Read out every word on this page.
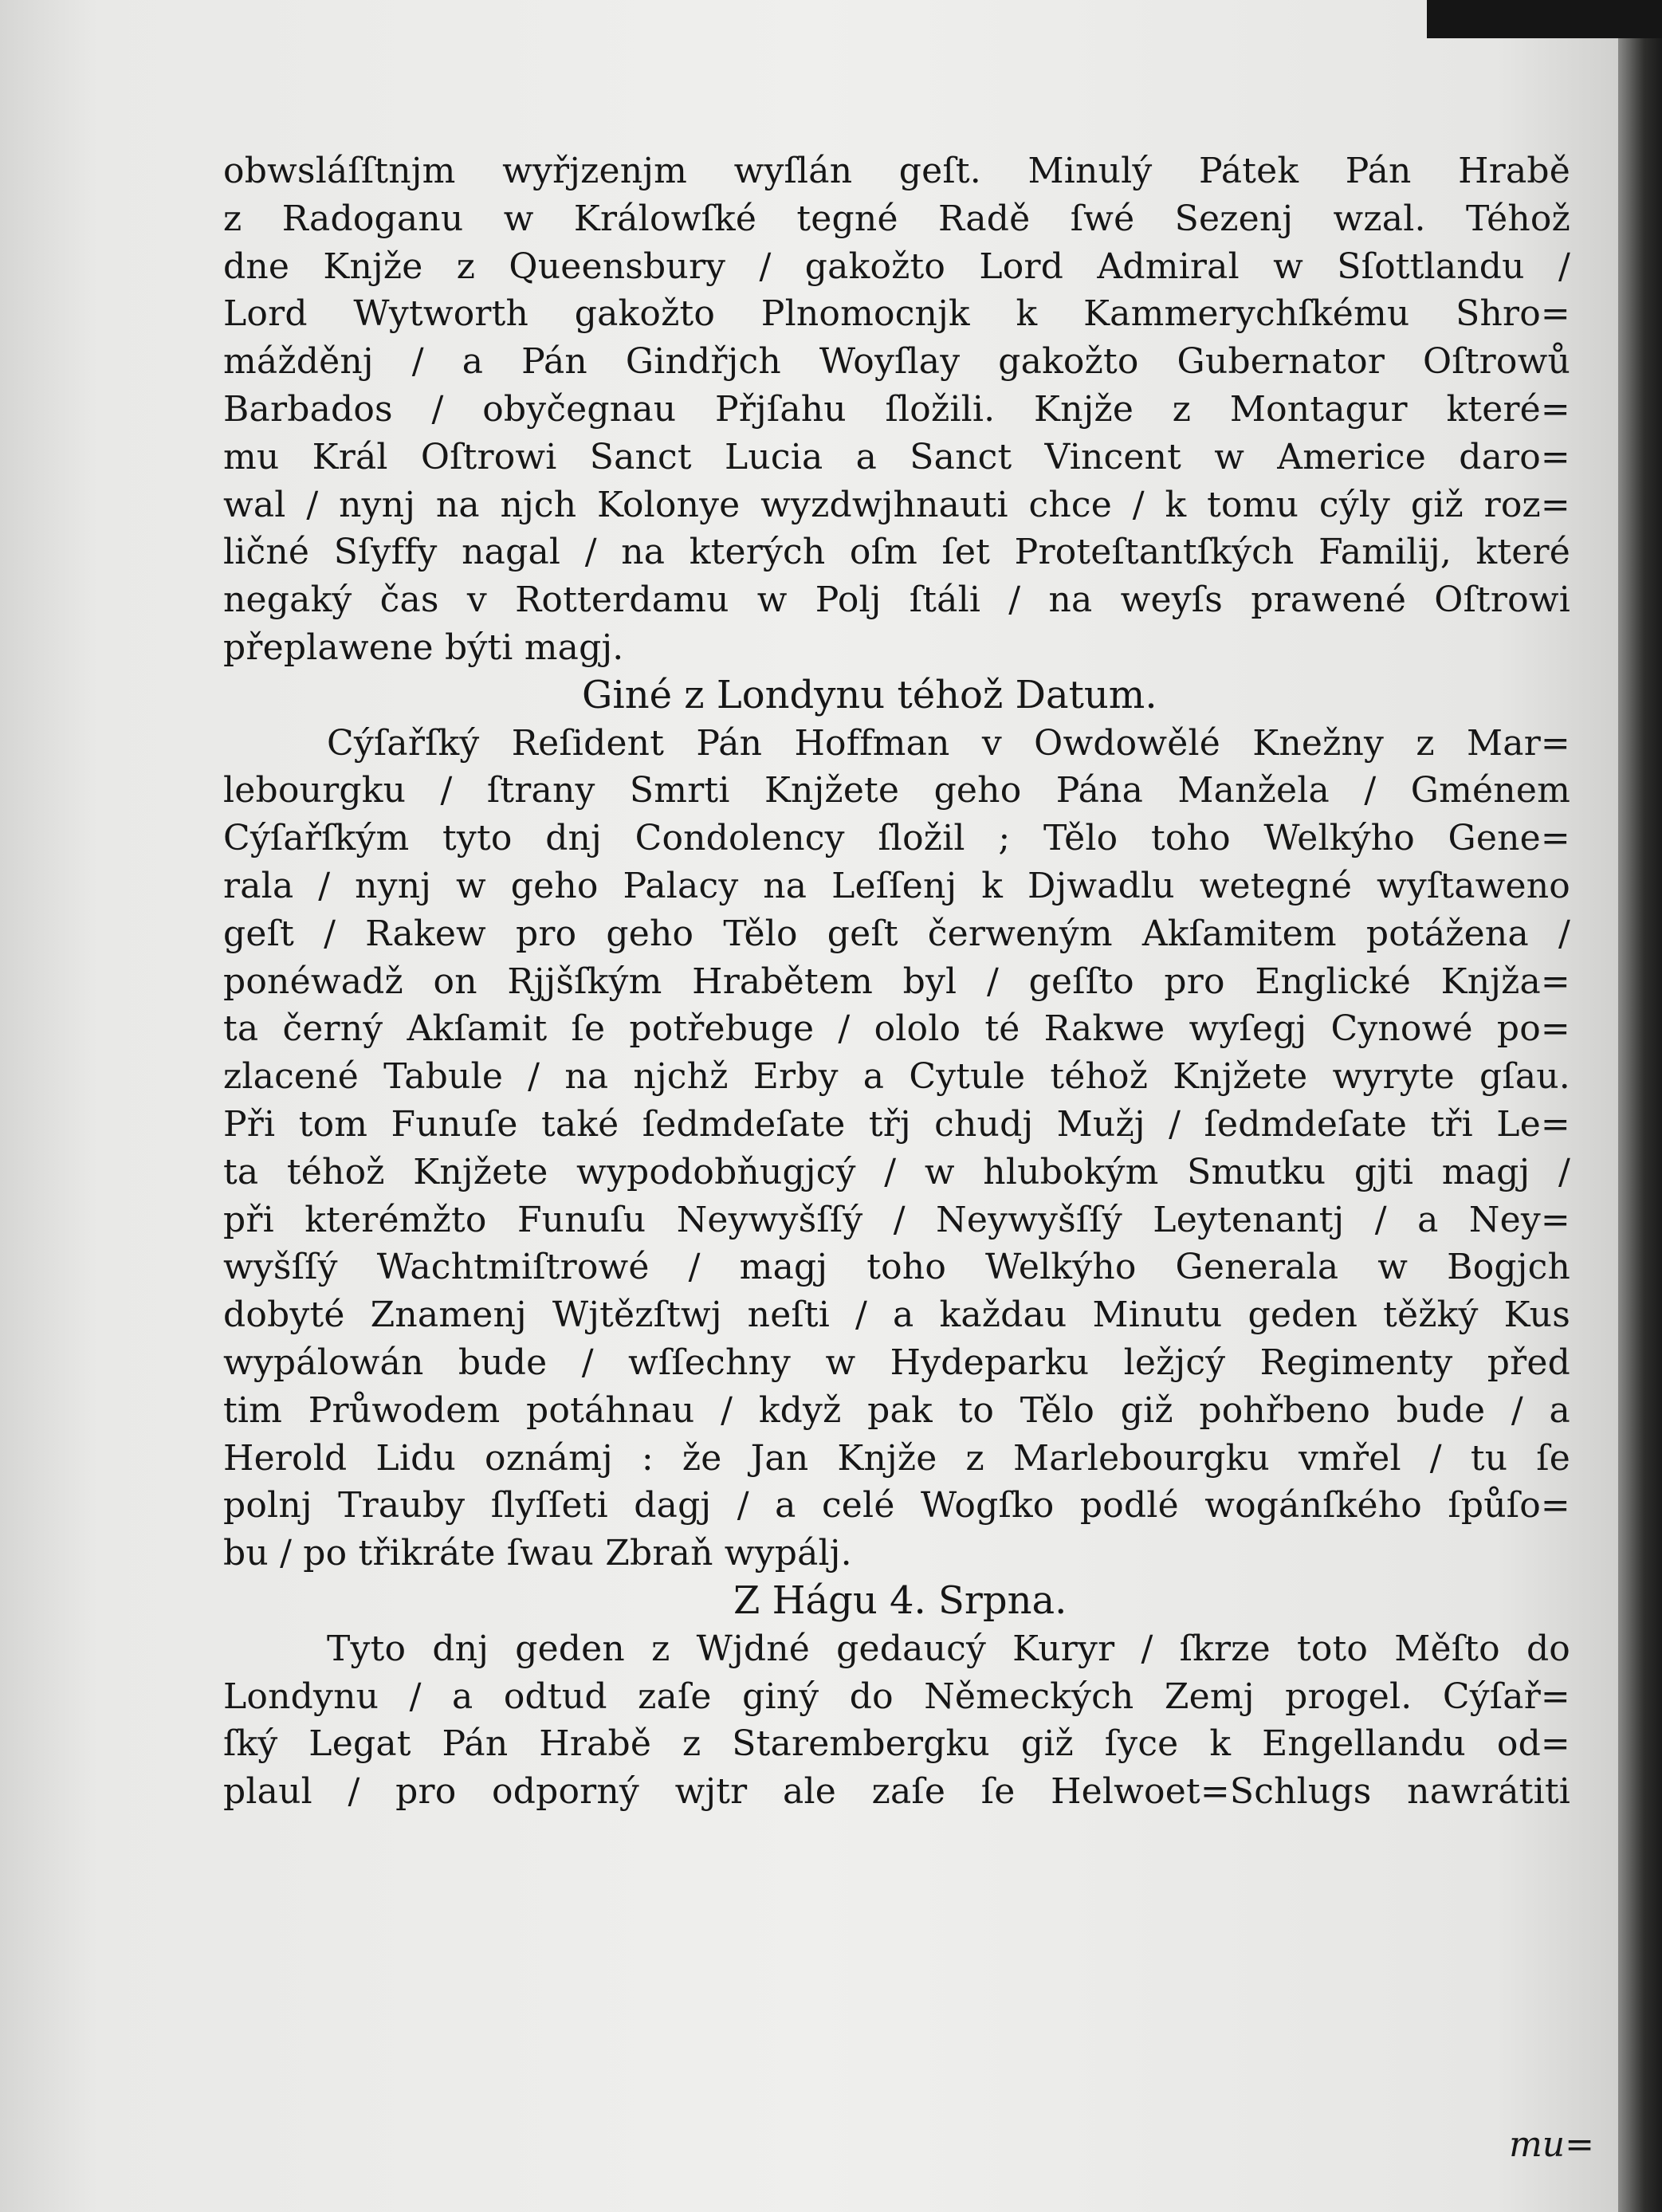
obwsláſſtnjm wyřjzenjm wyſlán geſt. Minulý Pátek Pán Hrabě
z Radoganu w Králowſké tegné Radě ſwé Sezenj wzal. Téhož
dne Knjže z Queensbury / gakožto Lord Admiral w Sſottlandu /
Lord Wytworth gakožto Plnomocnjk k Kammerychſkému Shro=
mážděnj / a Pán Gindřjch Woyſlay gakožto Gubernator Oſtrowů
Barbados / obyčegnau Přjſahu ſložili. Knjže z Montagur které=
mu Král Oſtrowi Sanct Lucia a Sanct Vincent w Americe daro=
wal / nynj na njch Kolonye wyzdwjhnauti chce / k tomu cýly giž roz=
ličné Sſyffy nagal / na kterých oſm ſet Proteſtantſkých Familij, které
negaký čas v Rotterdamu w Polj ſtáli / na weyſs prawené Oſtrowi
přeplawene býti magj.
Giné z Londynu téhož Datum.
Cýſařſký Reſident Pán Hoffman v Owdowělé Knežny z Mar=
lebourgku / ſtrany Smrti Knjžete geho Pána Manžela / Gménem
Cýſařſkým tyto dnj Condolency ſložil ; Tělo toho Welkýho Gene=
rala / nynj w geho Palacy na Leſſenj k Djwadlu wetegné wyſtaweno
geſt / Rakew pro geho Tělo geſt čerweným Akſamitem potážena /
ponéwadž on Rjjšſkým Hrabětem byl / geſſto pro Englické Knjža=
ta černý Akſamit ſe potřebuge / ololo té Rakwe wyſegj Cynowé po=
zlacené Tabule / na njchž Erby a Cytule téhož Knjžete wyryte gſau.
Při tom Funuſe také ſedmdeſate třj chudj Mužj / ſedmdeſate tři Le=
ta téhož Knjžete wypodobňugjcý / w hlubokým Smutku gjti magj /
při kterémžto Funuſu Neywyšſſý / Neywyšſſý Leytenantj / a Ney=
wyšſſý Wachtmiſtrowé / magj toho Welkýho Generala w Bogjch
dobyté Znamenj Wjtězſtwj neſti / a každau Minutu geden těžký Kus
wypálowán bude / wſſechny w Hydeparku ležjcý Regimenty před
tim Průwodem potáhnau / když pak to Tělo giž pohřbeno bude / a
Herold Lidu oznámj : že Jan Knjže z Marlebourgku vmřel / tu ſe
polnj Trauby ſlyſſeti dagj / a celé Wogſko podlé wogánſkého ſpůſo=
bu / po třikráte ſwau Zbraň wypálj.
Z Hágu 4. Srpna.
Tyto dnj geden z Wjdné gedaucý Kuryr / ſkrze toto Měſto do
Londynu / a odtud zaſe giný do Německých Zemj progel. Cýſař=
ſký Legat Pán Hrabě z Starembergku giž ſyce k Engellandu od=
plaul / pro odporný wjtr ale zaſe ſe Helwoet=Schlugs nawrátiti
mu=
